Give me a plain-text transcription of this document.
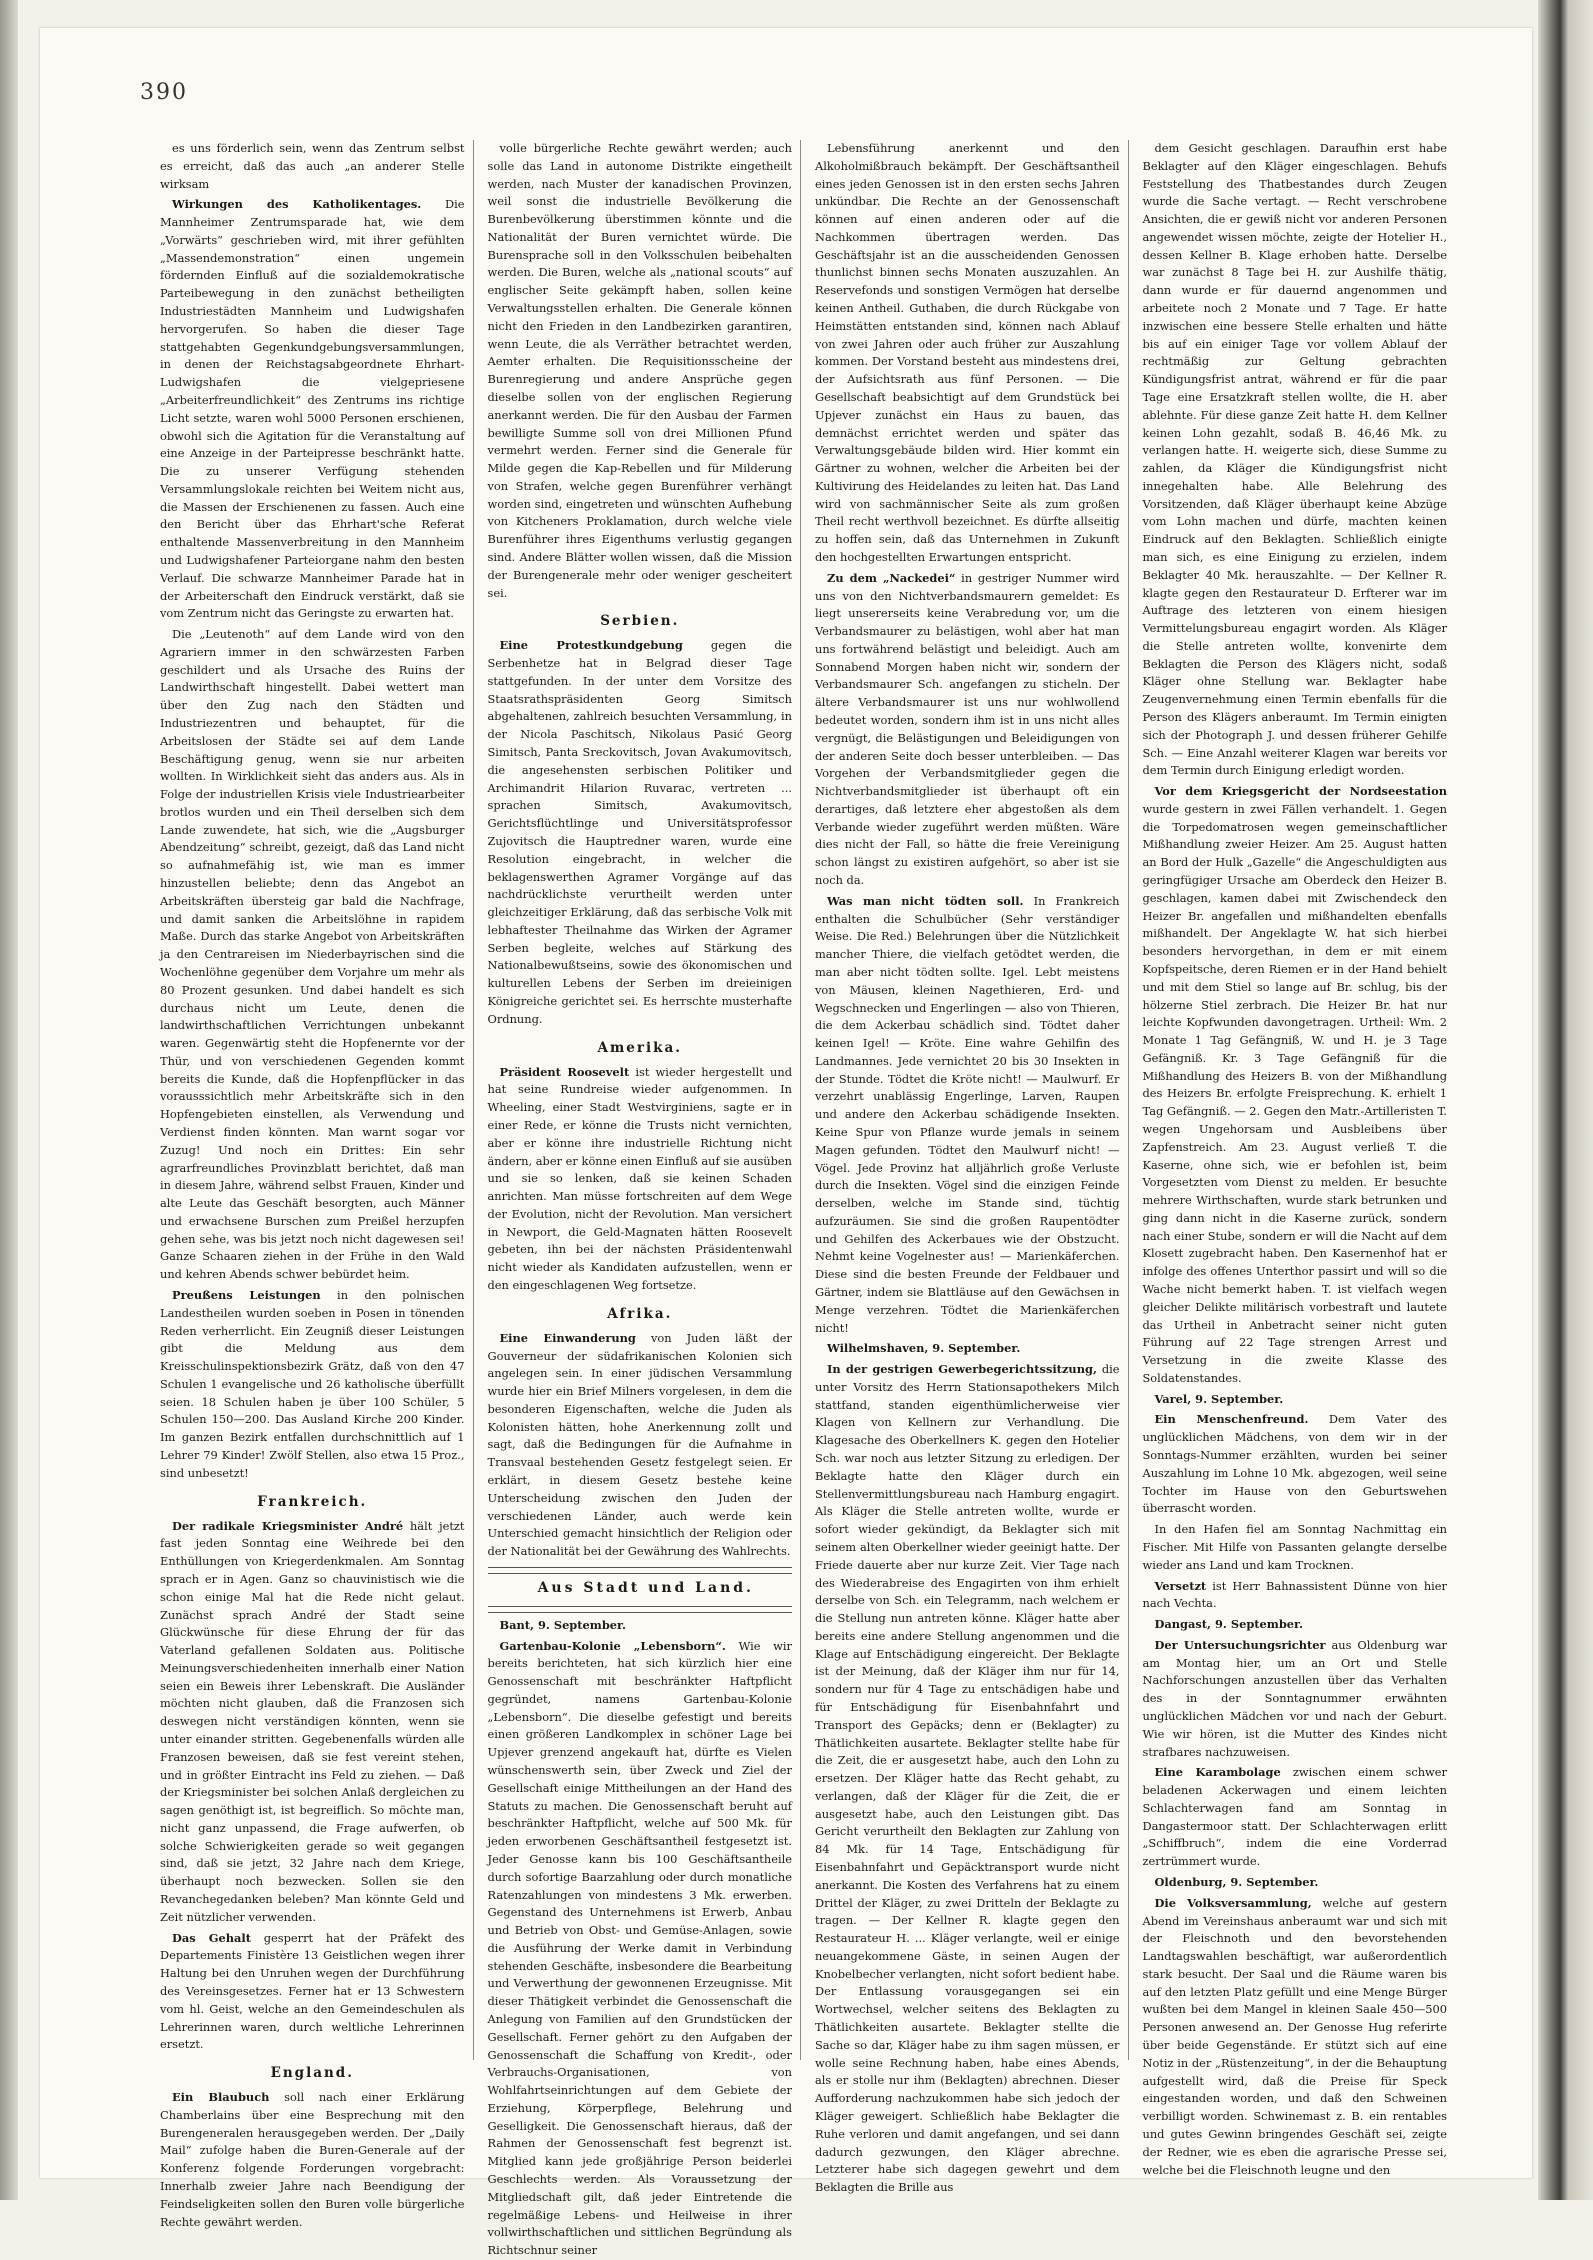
390

es uns förderlich sein, wenn das Zentrum selbst es erreicht, daß das auch „an anderer Stelle wirksam

Wirkungen des Katholikentages. Die Mannheimer Zentrumsparade hat, wie dem „Vorwärts“ geschrieben wird, mit ihrer gefühlten „Massendemonstration“ einen ungemein fördernden Einfluß auf die sozialdemokratische Parteibewegung in den zunächst betheiligten Industriestädten Mannheim und Ludwigshafen hervorgerufen. So haben die dieser Tage stattgehabten Gegenkundgebungsversammlungen, in denen der Reichstagsabgeordnete Ehrhart-Ludwigshafen die vielgepriesene „Arbeiterfreundlichkeit“ des Zentrums ins richtige Licht setzte, waren wohl 5000 Personen erschienen, obwohl sich die Agitation für die Veranstaltung auf eine Anzeige in der Parteipresse beschränkt hatte. Die zu unserer Verfügung stehenden Versammlungslokale reichten bei Weitem nicht aus, die Massen der Erschienenen zu fassen. Auch eine den Bericht über das Ehrhart'sche Referat enthaltende Massenverbreitung in den Mannheim und Ludwigshafener Parteiorgane nahm den besten Verlauf. Die schwarze Mannheimer Parade hat in der Arbeiterschaft den Eindruck verstärkt, daß sie vom Zentrum nicht das Geringste zu erwarten hat.

Die „Leutenoth“ auf dem Lande wird von den Agrariern immer in den schwärzesten Farben geschildert und als Ursache des Ruins der Landwirthschaft hingestellt. Dabei wettert man über den Zug nach den Städten und Industriezentren und behauptet, für die Arbeitslosen der Städte sei auf dem Lande Beschäftigung genug, wenn sie nur arbeiten wollten. In Wirklichkeit sieht das anders aus. Als in Folge der industriellen Krisis viele Industriearbeiter brotlos wurden und ein Theil derselben sich dem Lande zuwendete, hat sich, wie die „Augsburger Abendzeitung“ schreibt, gezeigt, daß das Land nicht so aufnahmefähig ist, wie man es immer hinzustellen beliebte; denn das Angebot an Arbeitskräften übersteig gar bald die Nachfrage, und damit sanken die Arbeitslöhne in rapidem Maße. Durch das starke Angebot von Arbeitskräften ja den Centrareisen im Niederbayrischen sind die Wochenlöhne gegenüber dem Vorjahre um mehr als 80 Prozent gesunken. Und dabei handelt es sich durchaus nicht um Leute, denen die landwirthschaftlichen Verrichtungen unbekannt waren. Gegenwärtig steht die Hopfenernte vor der Thür, und von verschiedenen Gegenden kommt bereits die Kunde, daß die Hopfenpflücker in das vorausssichtlich mehr Arbeitskräfte sich in den Hopfengebieten einstellen, als Verwendung und Verdienst finden könnten. Man warnt sogar vor Zuzug! Und noch ein Drittes: Ein sehr agrarfreundliches Provinzblatt berichtet, daß man in diesem Jahre, während selbst Frauen, Kinder und alte Leute das Geschäft besorgten, auch Männer und erwachsene Burschen zum Preißel herzupfen gehen sehe, was bis jetzt noch nicht dagewesen sei! Ganze Schaaren ziehen in der Frühe in den Wald und kehren Abends schwer bebürdet heim.

Preußens Leistungen in den polnischen Landestheilen wurden soeben in Posen in tönenden Reden verherrlicht. Ein Zeugniß dieser Leistungen gibt die Meldung aus dem Kreisschulinspektionsbezirk Grätz, daß von den 47 Schulen 1 evangelische und 26 katholische überfüllt seien. 18 Schulen haben je über 100 Schüler, 5 Schulen 150—200. Das Ausland Kirche 200 Kinder. Im ganzen Bezirk entfallen durchschnittlich auf 1 Lehrer 79 Kinder! Zwölf Stellen, also etwa 15 Proz., sind unbesetzt!

Frankreich.

Der radikale Kriegsminister André hält jetzt fast jeden Sonntag eine Weihrede bei den Enthüllungen von Kriegerdenkmalen. Am Sonntag sprach er in Agen. Ganz so chauvinistisch wie die schon einige Mal hat die Rede nicht gelaut. Zunächst sprach André der Stadt seine Glückwünsche für diese Ehrung der für das Vaterland gefallenen Soldaten aus. Politische Meinungsverschiedenheiten innerhalb einer Nation seien ein Beweis ihrer Lebenskraft. Die Ausländer möchten nicht glauben, daß die Franzosen sich deswegen nicht verständigen könnten, wenn sie unter einander stritten. Gegebenenfalls würden alle Franzosen beweisen, daß sie fest vereint stehen, und in größter Eintracht ins Feld zu ziehen. — Daß der Kriegsminister bei solchen Anlaß dergleichen zu sagen genöthigt ist, ist begreiflich. So möchte man, nicht ganz unpassend, die Frage aufwerfen, ob solche Schwierigkeiten gerade so weit gegangen sind, daß sie jetzt, 32 Jahre nach dem Kriege, überhaupt noch bezwecken. Sollen sie den Revanchegedanken beleben? Man könnte Geld und Zeit nützlicher verwenden.

Das Gehalt gesperrt hat der Präfekt des Departements Finistère 13 Geistlichen wegen ihrer Haltung bei den Unruhen wegen der Durchführung des Vereinsgesetzes. Ferner hat er 13 Schwestern vom hl. Geist, welche an den Gemeindeschulen als Lehrerinnen waren, durch weltliche Lehrerinnen ersetzt.

England.

Ein Blaubuch soll nach einer Erklärung Chamberlains über eine Besprechung mit den Burengeneralen herausgegeben werden. Der „Daily Mail“ zufolge haben die Buren-Generale auf der Konferenz folgende Forderungen vorgebracht: Innerhalb zweier Jahre nach Beendigung der Feindseligkeiten sollen den Buren volle bürgerliche Rechte gewährt werden.

volle bürgerliche Rechte gewährt werden; auch solle das Land in autonome Distrikte eingetheilt werden, nach Muster der kanadischen Provinzen, weil sonst die industrielle Bevölkerung die Burenbevölkerung überstimmen könnte und die Nationalität der Buren vernichtet würde. Die Burensprache soll in den Volksschulen beibehalten werden. Die Buren, welche als „national scouts“ auf englischer Seite gekämpft haben, sollen keine Verwaltungsstellen erhalten. Die Generale können nicht den Frieden in den Landbezirken garantiren, wenn Leute, die als Verräther betrachtet werden, Aemter erhalten. Die Requisitionsscheine der Burenregierung und andere Ansprüche gegen dieselbe sollen von der englischen Regierung anerkannt werden. Die für den Ausbau der Farmen bewilligte Summe soll von drei Millionen Pfund vermehrt werden. Ferner sind die Generale für Milde gegen die Kap-Rebellen und für Milderung von Strafen, welche gegen Burenführer verhängt worden sind, eingetreten und wünschten Aufhebung von Kitcheners Proklamation, durch welche viele Burenführer ihres Eigenthums verlustig gegangen sind. Andere Blätter wollen wissen, daß die Mission der Burengenerale mehr oder weniger gescheitert sei.

Serbien.

Eine Protestkundgebung gegen die Serbenhetze hat in Belgrad dieser Tage stattgefunden. In der unter dem Vorsitze des Staatsrathspräsidenten Georg Simitsch abgehaltenen, zahlreich besuchten Versammlung, in der Nicola Paschitsch, Nikolaus Pasić Georg Simitsch, Panta Sreckovitsch, Jovan Avakumovitsch, die angesehensten serbischen Politiker und Archimandrit Hilarion Ruvarac, vertreten ... sprachen Simitsch, Avakumovitsch, Gerichtsflüchtlinge und Universitätsprofessor Zujovitsch die Hauptredner waren, wurde eine Resolution eingebracht, in welcher die beklagenswerthen Agramer Vorgänge auf das nachdrücklichste verurtheilt werden unter gleichzeitiger Erklärung, daß das serbische Volk mit lebhaftester Theilnahme das Wirken der Agramer Serben begleite, welches auf Stärkung des Nationalbewußtseins, sowie des ökonomischen und kulturellen Lebens der Serben im dreieinigen Königreiche gerichtet sei. Es herrschte musterhafte Ordnung.

Amerika.

Präsident Roosevelt ist wieder hergestellt und hat seine Rundreise wieder aufgenommen. In Wheeling, einer Stadt Westvirginiens, sagte er in einer Rede, er könne die Trusts nicht vernichten, aber er könne ihre industrielle Richtung nicht ändern, aber er könne einen Einfluß auf sie ausüben und sie so lenken, daß sie keinen Schaden anrichten. Man müsse fortschreiten auf dem Wege der Evolution, nicht der Revolution. Man versichert in Newport, die Geld-Magnaten hätten Roosevelt gebeten, ihn bei der nächsten Präsidentenwahl nicht wieder als Kandidaten aufzustellen, wenn er den eingeschlagenen Weg fortsetze.

Afrika.

Eine Einwanderung von Juden läßt der Gouverneur der südafrikanischen Kolonien sich angelegen sein. In einer jüdischen Versammlung wurde hier ein Brief Milners vorgelesen, in dem die besonderen Eigenschaften, welche die Juden als Kolonisten hätten, hohe Anerkennung zollt und sagt, daß die Bedingungen für die Aufnahme in Transvaal bestehenden Gesetz festgelegt seien. Er erklärt, in diesem Gesetz bestehe keine Unterscheidung zwischen den Juden der verschiedenen Länder, auch werde kein Unterschied gemacht hinsichtlich der Religion oder der Nationalität bei der Gewährung des Wahlrechts.

Aus Stadt und Land.

Bant, 9. September.

Gartenbau-Kolonie „Lebensborn“. Wie wir bereits berichteten, hat sich kürzlich hier eine Genossenschaft mit beschränkter Haftpflicht gegründet, namens Gartenbau-Kolonie „Lebensborn“. Die dieselbe gefestigt und bereits einen größeren Landkomplex in schöner Lage bei Upjever grenzend angekauft hat, dürfte es Vielen wünschenswerth sein, über Zweck und Ziel der Gesellschaft einige Mittheilungen an der Hand des Statuts zu machen. Die Genossenschaft beruht auf beschränkter Haftpflicht, welche auf 500 Mk. für jeden erworbenen Geschäftsantheil festgesetzt ist. Jeder Genosse kann bis 100 Geschäftsantheile durch sofortige Baarzahlung oder durch monatliche Ratenzahlungen von mindestens 3 Mk. erwerben. Gegenstand des Unternehmens ist Erwerb, Anbau und Betrieb von Obst- und Gemüse-Anlagen, sowie die Ausführung der Werke damit in Verbindung stehenden Geschäfte, insbesondere die Bearbeitung und Verwerthung der gewonnenen Erzeugnisse. Mit dieser Thätigkeit verbindet die Genossenschaft die Anlegung von Familien auf den Grundstücken der Gesellschaft. Ferner gehört zu den Aufgaben der Genossenschaft die Schaffung von Kredit-, oder Verbrauchs-Organisationen, von Wohlfahrtseinrichtungen auf dem Gebiete der Erziehung, Körperpflege, Belehrung und Geselligkeit. Die Genossenschaft hieraus, daß der Rahmen der Genossenschaft fest begrenzt ist. Mitglied kann jede großjährige Person beiderlei Geschlechts werden. Als Voraussetzung der Mitgliedschaft gilt, daß jeder Eintretende die regelmäßige Lebens- und Heilweise in ihrer vollwirthschaftlichen und sittlichen Begründung als Richtschnur seiner

Lebensführung anerkennt und den Alkoholmißbrauch bekämpft. Der Geschäftsantheil eines jeden Genossen ist in den ersten sechs Jahren unkündbar. Die Rechte an der Genossenschaft können auf einen anderen oder auf die Nachkommen übertragen werden. Das Geschäftsjahr ist an die ausscheidenden Genossen thunlichst binnen sechs Monaten auszuzahlen. An Reservefonds und sonstigen Vermögen hat derselbe keinen Antheil. Guthaben, die durch Rückgabe von Heimstätten entstanden sind, können nach Ablauf von zwei Jahren oder auch früher zur Auszahlung kommen. Der Vorstand besteht aus mindestens drei, der Aufsichtsrath aus fünf Personen. — Die Gesellschaft beabsichtigt auf dem Grundstück bei Upjever zunächst ein Haus zu bauen, das demnächst errichtet werden und später das Verwaltungsgebäude bilden wird. Hier kommt ein Gärtner zu wohnen, welcher die Arbeiten bei der Kultivirung des Heidelandes zu leiten hat. Das Land wird von sachmännischer Seite als zum großen Theil recht werthvoll bezeichnet. Es dürfte allseitig zu hoffen sein, daß das Unternehmen in Zukunft den hochgestellten Erwartungen entspricht.

Zu dem „Nackedei“ in gestriger Nummer wird uns von den Nichtverbandsmaurern gemeldet: Es liegt unsererseits keine Verabredung vor, um die Verbandsmaurer zu belästigen, wohl aber hat man uns fortwährend belästigt und beleidigt. Auch am Sonnabend Morgen haben nicht wir, sondern der Verbandsmaurer Sch. angefangen zu sticheln. Der ältere Verbandsmaurer ist uns nur wohlwollend bedeutet worden, sondern ihm ist in uns nicht alles vergnügt, die Belästigungen und Beleidigungen von der anderen Seite doch besser unterbleiben. — Das Vorgehen der Verbandsmitglieder gegen die Nichtverbandsmitglieder ist überhaupt oft ein derartiges, daß letztere eher abgestoßen als dem Verbande wieder zugeführt werden müßten. Wäre dies nicht der Fall, so hätte die freie Vereinigung schon längst zu existiren aufgehört, so aber ist sie noch da.

Was man nicht tödten soll. In Frankreich enthalten die Schulbücher (Sehr verständiger Weise. Die Red.) Belehrungen über die Nützlichkeit mancher Thiere, die vielfach getödtet werden, die man aber nicht tödten sollte. Igel. Lebt meistens von Mäusen, kleinen Nagethieren, Erd- und Wegschnecken und Engerlingen — also von Thieren, die dem Ackerbau schädlich sind. Tödtet daher keinen Igel! — Kröte. Eine wahre Gehilfin des Landmannes. Jede vernichtet 20 bis 30 Insekten in der Stunde. Tödtet die Kröte nicht! — Maulwurf. Er verzehrt unablässig Engerlinge, Larven, Raupen und andere den Ackerbau schädigende Insekten. Keine Spur von Pflanze wurde jemals in seinem Magen gefunden. Tödtet den Maulwurf nicht! — Vögel. Jede Provinz hat alljährlich große Verluste durch die Insekten. Vögel sind die einzigen Feinde derselben, welche im Stande sind, tüchtig aufzuräumen. Sie sind die großen Raupentödter und Gehilfen des Ackerbaues wie der Obstzucht. Nehmt keine Vogelnester aus! — Marienkäferchen. Diese sind die besten Freunde der Feldbauer und Gärtner, indem sie Blattläuse auf den Gewächsen in Menge verzehren. Tödtet die Marienkäferchen nicht!

Wilhelmshaven, 9. September.

In der gestrigen Gewerbegerichtssitzung, die unter Vorsitz des Herrn Stationsapothekers Milch stattfand, standen eigenthümlicherweise vier Klagen von Kellnern zur Verhandlung. Die Klagesache des Oberkellners K. gegen den Hotelier Sch. war noch aus letzter Sitzung zu erledigen. Der Beklagte hatte den Kläger durch ein Stellenvermittlungsbureau nach Hamburg engagirt. Als Kläger die Stelle antreten wollte, wurde er sofort wieder gekündigt, da Beklagter sich mit seinem alten Oberkellner wieder geeinigt hatte. Der Friede dauerte aber nur kurze Zeit. Vier Tage nach des Wiederabreise des Engagirten von ihm erhielt derselbe von Sch. ein Telegramm, nach welchem er die Stellung nun antreten könne. Kläger hatte aber bereits eine andere Stellung angenommen und die Klage auf Entschädigung eingereicht. Der Beklagte ist der Meinung, daß der Kläger ihm nur für 14, sondern nur für 4 Tage zu entschädigen habe und für Entschädigung für Eisenbahnfahrt und Transport des Gepäcks; denn er (Beklagter) zu Thätlichkeiten ausartete. Beklagter stellte habe für die Zeit, die er ausgesetzt habe, auch den Lohn zu ersetzen. Der Kläger hatte das Recht gehabt, zu verlangen, daß der Kläger für die Zeit, die er ausgesetzt habe, auch den Leistungen gibt. Das Gericht verurtheilt den Beklagten zur Zahlung von 84 Mk. für 14 Tage, Entschädigung für Eisenbahnfahrt und Gepäcktransport wurde nicht anerkannt. Die Kosten des Verfahrens hat zu einem Drittel der Kläger, zu zwei Dritteln der Beklagte zu tragen. — Der Kellner R. klagte gegen den Restaurateur H. ... Kläger verlangte, weil er einige neuangekommene Gäste, in seinen Augen der Knobelbecher verlangten, nicht sofort bedient habe. Der Entlassung vorausgegangen sei ein Wortwechsel, welcher seitens des Beklagten zu Thätlichkeiten ausartete. Beklagter stellte die Sache so dar, Kläger habe zu ihm sagen müssen, er wolle seine Rechnung haben, habe eines Abends, als er stolle nur ihm (Beklagten) abrechnen. Dieser Aufforderung nachzukommen habe sich jedoch der Kläger geweigert. Schließlich habe Beklagter die Ruhe verloren und damit angefangen, und sei dann dadurch gezwungen, den Kläger abrechne. Letzterer habe sich dagegen gewehrt und dem Beklagten die Brille aus

dem Gesicht geschlagen. Daraufhin erst habe Beklagter auf den Kläger eingeschlagen. Behufs Feststellung des Thatbestandes durch Zeugen wurde die Sache vertagt. — Recht verschrobene Ansichten, die er gewiß nicht vor anderen Personen angewendet wissen möchte, zeigte der Hotelier H., dessen Kellner B. Klage erhoben hatte. Derselbe war zunächst 8 Tage bei H. zur Aushilfe thätig, dann wurde er für dauernd angenommen und arbeitete noch 2 Monate und 7 Tage. Er hatte inzwischen eine bessere Stelle erhalten und hätte bis auf ein einiger Tage vor vollem Ablauf der rechtmäßig zur Geltung gebrachten Kündigungsfrist antrat, während er für die paar Tage eine Ersatzkraft stellen wollte, die H. aber ablehnte. Für diese ganze Zeit hatte H. dem Kellner keinen Lohn gezahlt, sodaß B. 46,46 Mk. zu verlangen hatte. H. weigerte sich, diese Summe zu zahlen, da Kläger die Kündigungsfrist nicht innegehalten habe. Alle Belehrung des Vorsitzenden, daß Kläger überhaupt keine Abzüge vom Lohn machen und dürfe, machten keinen Eindruck auf den Beklagten. Schließlich einigte man sich, es eine Einigung zu erzielen, indem Beklagter 40 Mk. herauszahlte. — Der Kellner R. klagte gegen den Restaurateur D. Erfterer war im Auftrage des letzteren von einem hiesigen Vermittelungsbureau engagirt worden. Als Kläger die Stelle antreten wollte, konvenirte dem Beklagten die Person des Klägers nicht, sodaß Kläger ohne Stellung war. Beklagter habe Zeugenvernehmung einen Termin ebenfalls für die Person des Klägers anberaumt. Im Termin einigten sich der Photograph J. und dessen früherer Gehilfe Sch. — Eine Anzahl weiterer Klagen war bereits vor dem Termin durch Einigung erledigt worden.

Vor dem Kriegsgericht der Nordseestation wurde gestern in zwei Fällen verhandelt. 1. Gegen die Torpedomatrosen wegen gemeinschaftlicher Mißhandlung zweier Heizer. Am 25. August hatten an Bord der Hulk „Gazelle“ die Angeschuldigten aus geringfügiger Ursache am Oberdeck den Heizer B. geschlagen, kamen dabei mit Zwischendeck den Heizer Br. angefallen und mißhandelten ebenfalls mißhandelt. Der Angeklagte W. hat sich hierbei besonders hervorgethan, in dem er mit einem Kopfspeitsche, deren Riemen er in der Hand behielt und mit dem Stiel so lange auf Br. schlug, bis der hölzerne Stiel zerbrach. Die Heizer Br. hat nur leichte Kopfwunden davongetragen. Urtheil: Wm. 2 Monate 1 Tag Gefängniß, W. und H. je 3 Tage Gefängniß. Kr. 3 Tage Gefängniß für die Mißhandlung des Heizers B. von der Mißhandlung des Heizers Br. erfolgte Freisprechung. K. erhielt 1 Tag Gefängniß. — 2. Gegen den Matr.-Artilleristen T. wegen Ungehorsam und Ausbleibens über Zapfenstreich. Am 23. August verließ T. die Kaserne, ohne sich, wie er befohlen ist, beim Vorgesetzten vom Dienst zu melden. Er besuchte mehrere Wirthschaften, wurde stark betrunken und ging dann nicht in die Kaserne zurück, sondern nach einer Stube, sondern er will die Nacht auf dem Klosett zugebracht haben. Den Kasernenhof hat er infolge des offenes Unterthor passirt und will so die Wache nicht bemerkt haben. T. ist vielfach wegen gleicher Delikte militärisch vorbestraft und lautete das Urtheil in Anbetracht seiner nicht guten Führung auf 22 Tage strengen Arrest und Versetzung in die zweite Klasse des Soldatenstandes.

Varel, 9. September.

Ein Menschenfreund. Dem Vater des unglücklichen Mädchens, von dem wir in der Sonntags-Nummer erzählten, wurden bei seiner Auszahlung im Lohne 10 Mk. abgezogen, weil seine Tochter im Hause von den Geburtswehen überrascht worden.

In den Hafen fiel am Sonntag Nachmittag ein Fischer. Mit Hilfe von Passanten gelangte derselbe wieder ans Land und kam Trocknen.

Versetzt ist Herr Bahnassistent Dünne von hier nach Vechta.

Dangast, 9. September.

Der Untersuchungsrichter aus Oldenburg war am Montag hier, um an Ort und Stelle Nachforschungen anzustellen über das Verhalten des in der Sonntagnummer erwähnten unglücklichen Mädchen vor und nach der Geburt. Wie wir hören, ist die Mutter des Kindes nicht strafbares nachzuweisen.

Eine Karambolage zwischen einem schwer beladenen Ackerwagen und einem leichten Schlachterwagen fand am Sonntag in Dangastermoor statt. Der Schlachterwagen erlitt „Schiffbruch“, indem die eine Vorderrad zertrümmert wurde.

Oldenburg, 9. September.

Die Volksversammlung, welche auf gestern Abend im Vereinshaus anberaumt war und sich mit der Fleischnoth und den bevorstehenden Landtagswahlen beschäftigt, war außerordentlich stark besucht. Der Saal und die Räume waren bis auf den letzten Platz gefüllt und eine Menge Bürger wußten bei dem Mangel in kleinen Saale 450—500 Personen anwesend an. Der Genosse Hug referirte über beide Gegenstände. Er stützt sich auf eine Notiz in der „Rüstenzeitung“, in der die Behauptung aufgestellt wird, daß die Preise für Speck eingestanden worden, und daß den Schweinen verbilligt worden. Schwinemast z. B. ein rentables und gutes Gewinn bringendes Geschäft sei, zeigte der Redner, wie es eben die agrarische Presse sei, welche bei die Fleischnoth leugne und den
